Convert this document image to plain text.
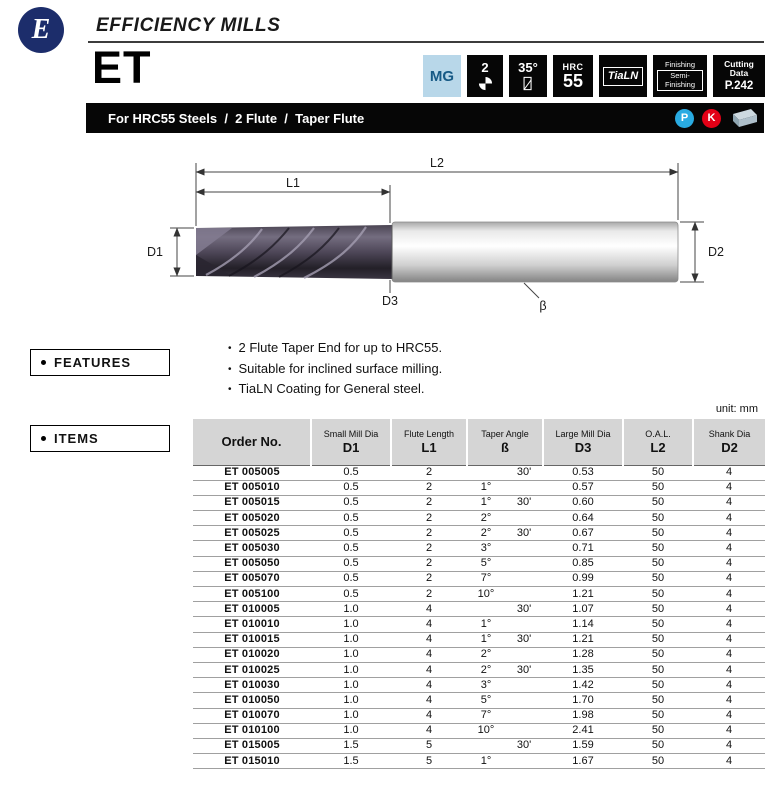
E EFFICIENCY MILLS
ET	MG 2 35°	HRC
55	TiaLN
Finishing
Semi-Finishing
Cutting
Data
P.242
For HRC55 Steels  /  2 Flute  /  Taper Flute	P	K
L2
L1
D1	D2
D3	β
FEATURES
• 2 Flute Taper End for up to HRC55.
• Suitable for inclined surface milling.
• TiaLN Coating for General steel.
unit: mm
ITEMS	Order No.

Small Mill Dia
D1

Flute Length
L1

Taper Angle
ß

Large Mill Dia
D3

O.A.L.
L2

Shank Dia
D2

ET 005005	0.5	2	30'	0.53	50	4
ET 005010	0.5	2	1°	0.57	50	4
ET 005015	0.5	2	1° 30'	0.60	50	4
ET 005020	0.5	2	2°	0.64	50	4
ET 005025	0.5	2	2° 30'	0.67	50	4
ET 005030	0.5	2	3°	0.71	50	4
ET 005050	0.5	2	5°	0.85	50	4
ET 005070	0.5	2	7°	0.99	50	4
ET 005100	0.5	2	10°	1.21	50	4
ET 010005	1.0	4	30'	1.07	50	4
ET 010010	1.0	4	1°	1.14	50	4
ET 010015	1.0	4	1° 30'	1.21	50	4
ET 010020	1.0	4	2°	1.28	50	4
ET 010025	1.0	4	2° 30'	1.35	50	4
ET 010030	1.0	4	3°	1.42	50	4
ET 010050	1.0	4	5°	1.70	50	4
ET 010070	1.0	4	7°	1.98	50	4
ET 010100	1.0	4	10°	2.41	50	4
ET 015005	1.5	5	30'	1.59	50	4
ET 015010	1.5	5	1°	1.67	50	4
